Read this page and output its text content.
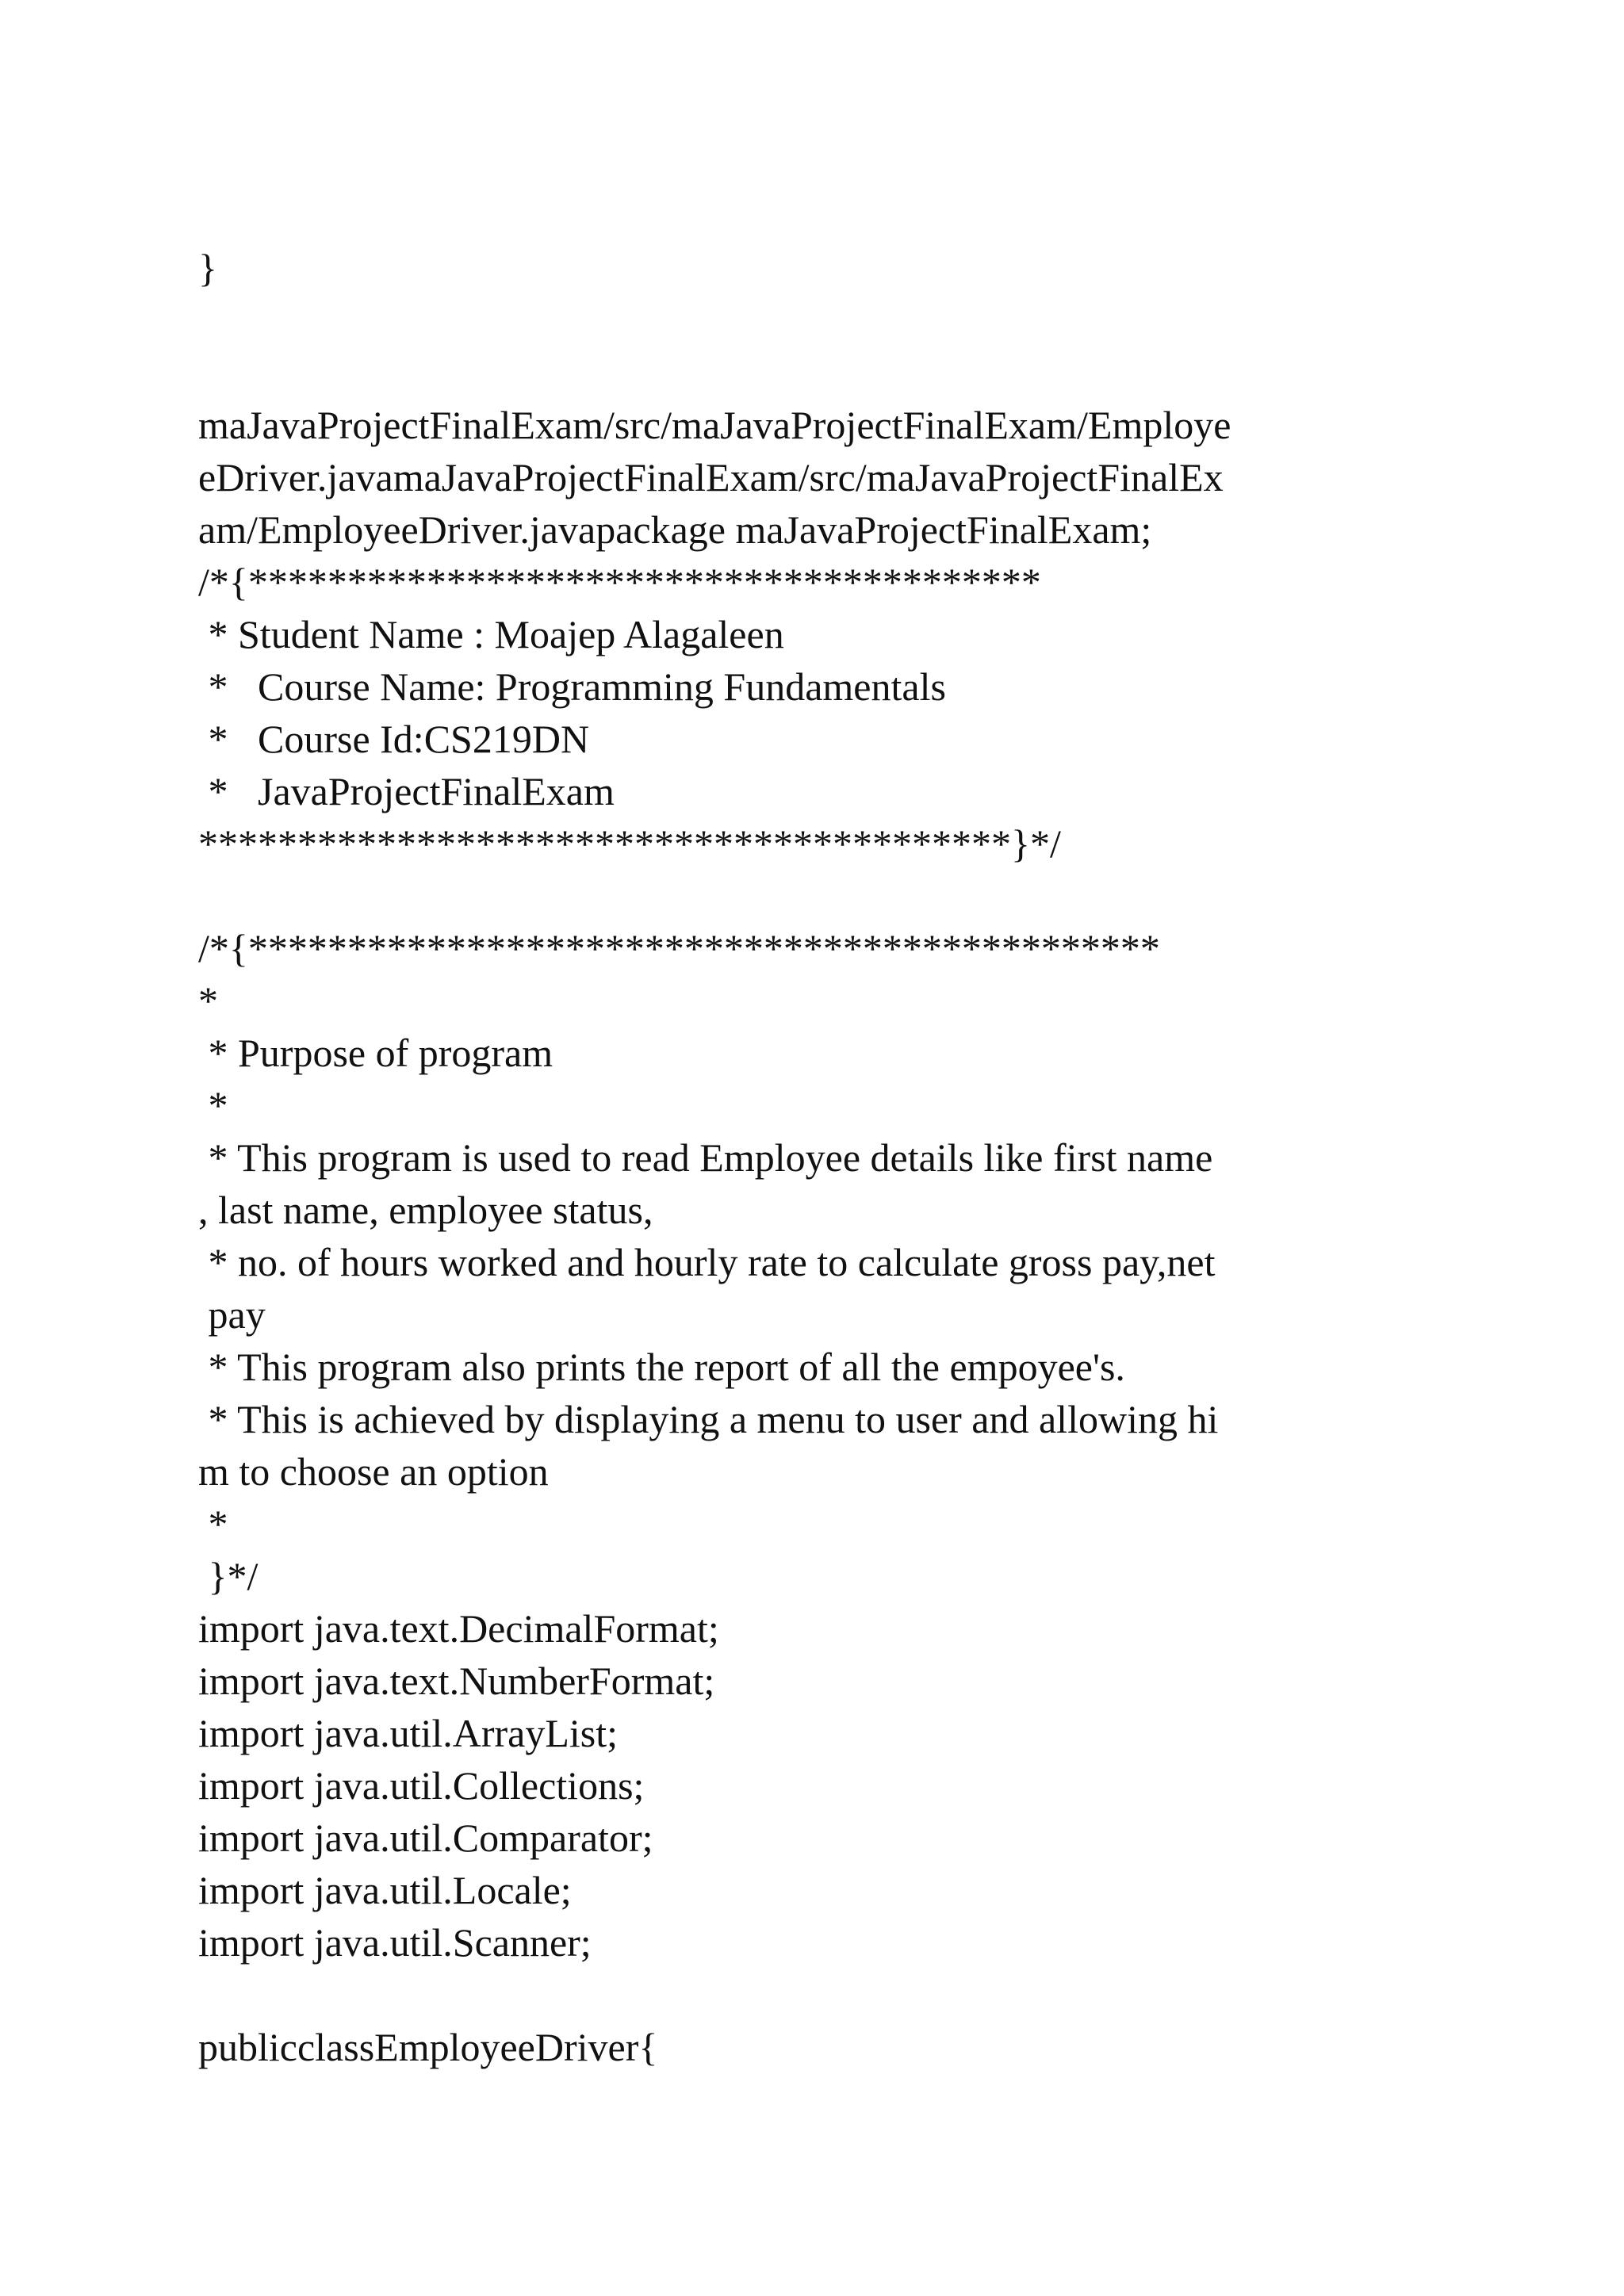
}
maJavaProjectFinalExam/src/maJavaProjectFinalExam/Employe
eDriver.javamaJavaProjectFinalExam/src/maJavaProjectFinalEx
am/EmployeeDriver.javapackage maJavaProjectFinalExam;
/*{****************************************
* Student Name : Moajep Alagaleen
*   Course Name: Programming Fundamentals
*   Course Id:CS219DN
*   JavaProjectFinalExam
*****************************************}*/
/*{**********************************************
*
* Purpose of program
*
* This program is used to read Employee details like first name
, last name, employee status,
* no. of hours worked and hourly rate to calculate gross pay,net
pay
* This program also prints the report of all the empoyee's.
* This is achieved by displaying a menu to user and allowing hi
m to choose an option
*
}*/
import java.text.DecimalFormat;
import java.text.NumberFormat;
import java.util.ArrayList;
import java.util.Collections;
import java.util.Comparator;
import java.util.Locale;
import java.util.Scanner;
publicclassEmployeeDriver{
